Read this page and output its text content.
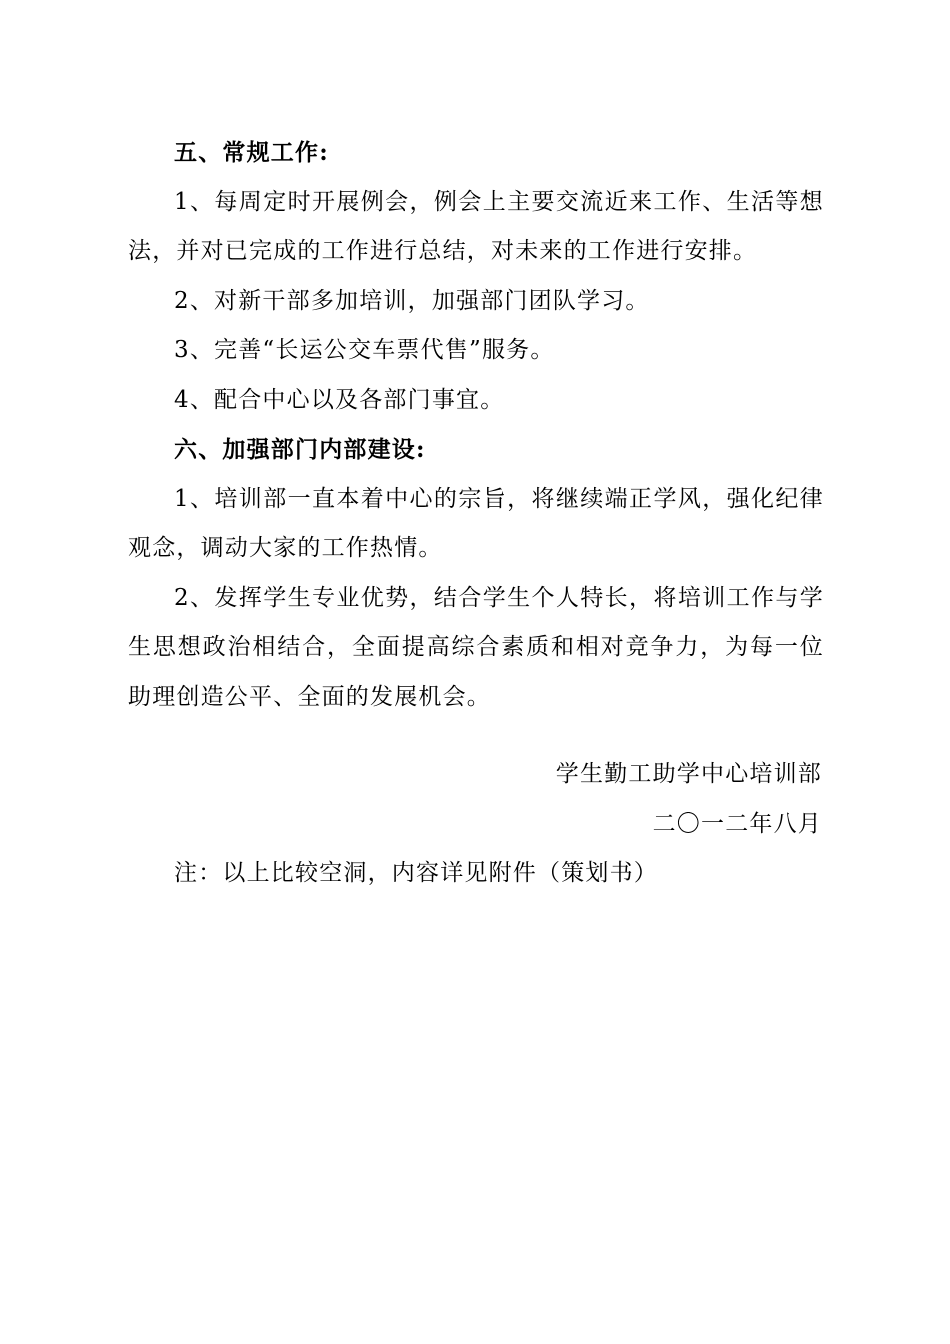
五、常规工作:

1、每周定时开展例会，例会上主要交流近来工作、生活等想法，并对已完成的工作进行总结，对未来的工作进行安排。

2、对新干部多加培训，加强部门团队学习。

3、完善“长运公交车票代售”服务。

4、配合中心以及各部门事宜。

六、加强部门内部建设:

1、培训部一直本着中心的宗旨，将继续端正学风，强化纪律观念，调动大家的工作热情。

2、发挥学生专业优势，结合学生个人特长，将培训工作与学生思想政治相结合，全面提高综合素质和相对竞争力，为每一位助理创造公平、全面的发展机会。

学生勤工助学中心培训部

二〇一二年八月

注：以上比较空洞，内容详见附件（策划书）
